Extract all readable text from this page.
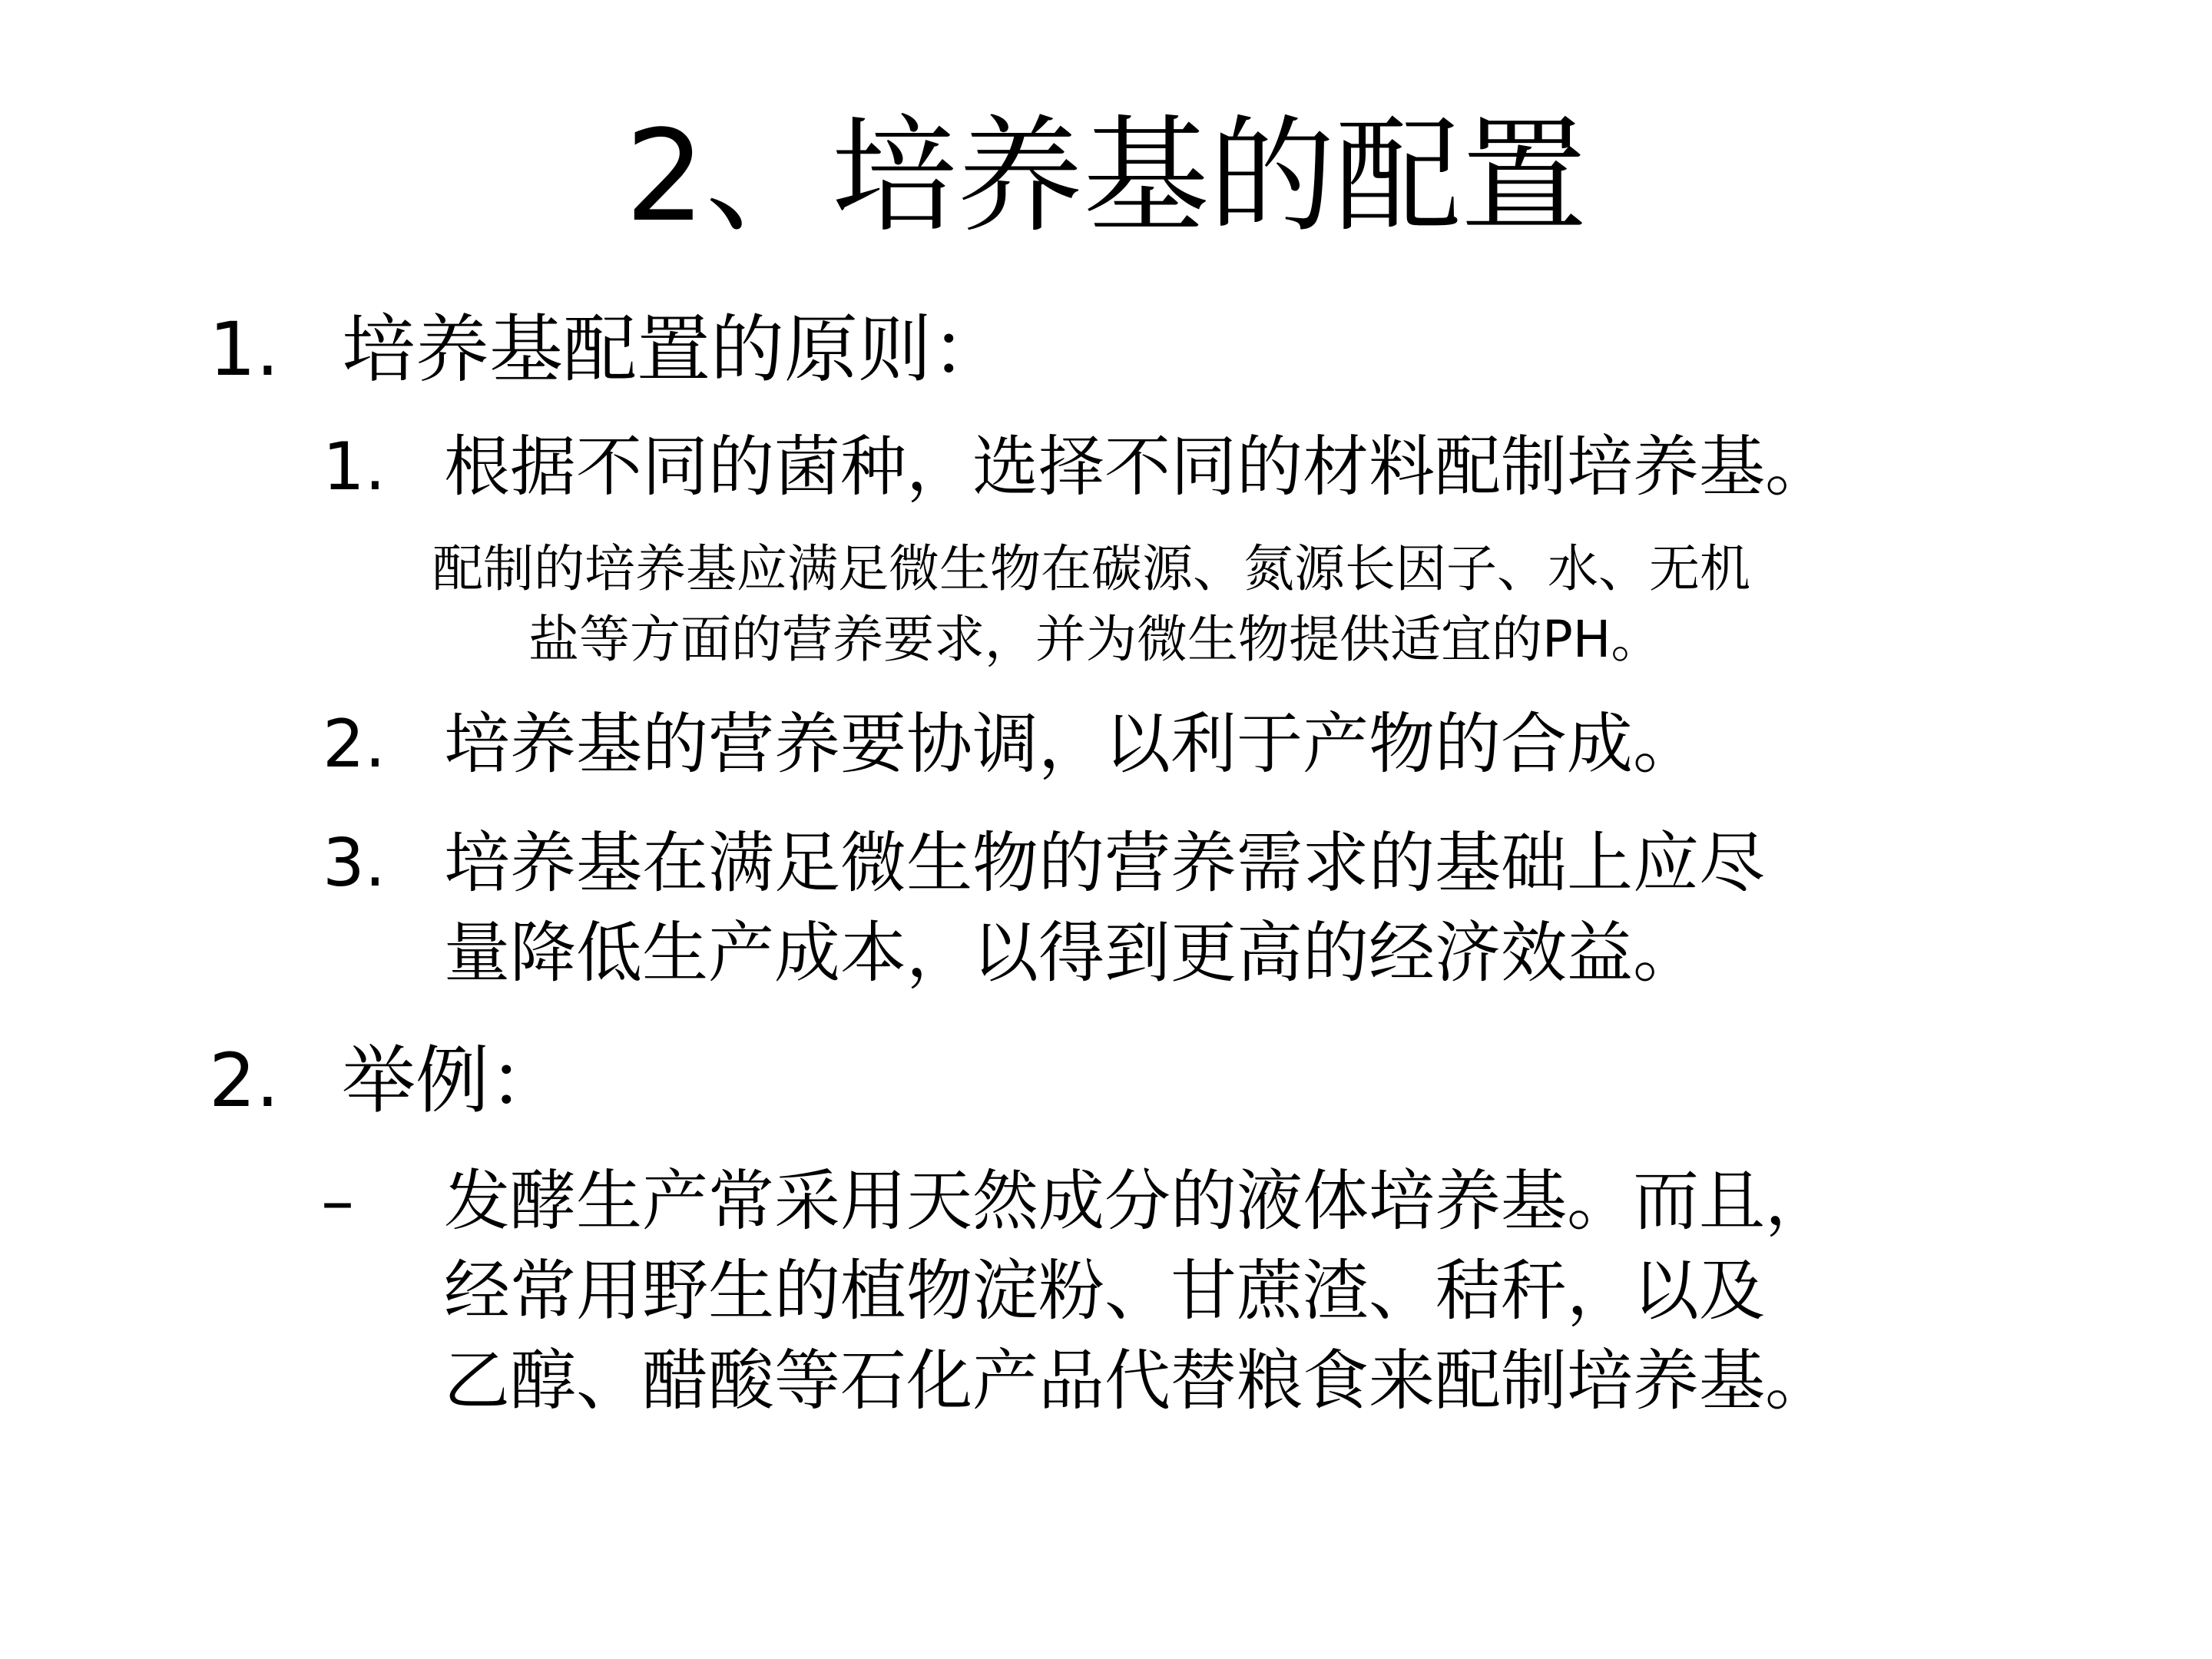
2、培养基的配置
1. 培养基配置的原则：
1. 根据不同的菌种，选择不同的材料配制培养基。
配制的培养基应满足微生物在碳源、氮源长因子、水、无机
盐等方面的营养要求，并为微生物提供适宜的PH。
2. 培养基的营养要协调，以利于产物的合成。
3. 培养基在满足微生物的营养需求的基础上应尽
量降低生产成本，以得到更高的经济效益。
2. 举例：
– 发酵生产常采用天然成分的液体培养基。而且，
经常用野生的植物淀粉、甘蔗渣、秸秆，以及
乙醇、醋酸等石化产品代替粮食来配制培养基。
